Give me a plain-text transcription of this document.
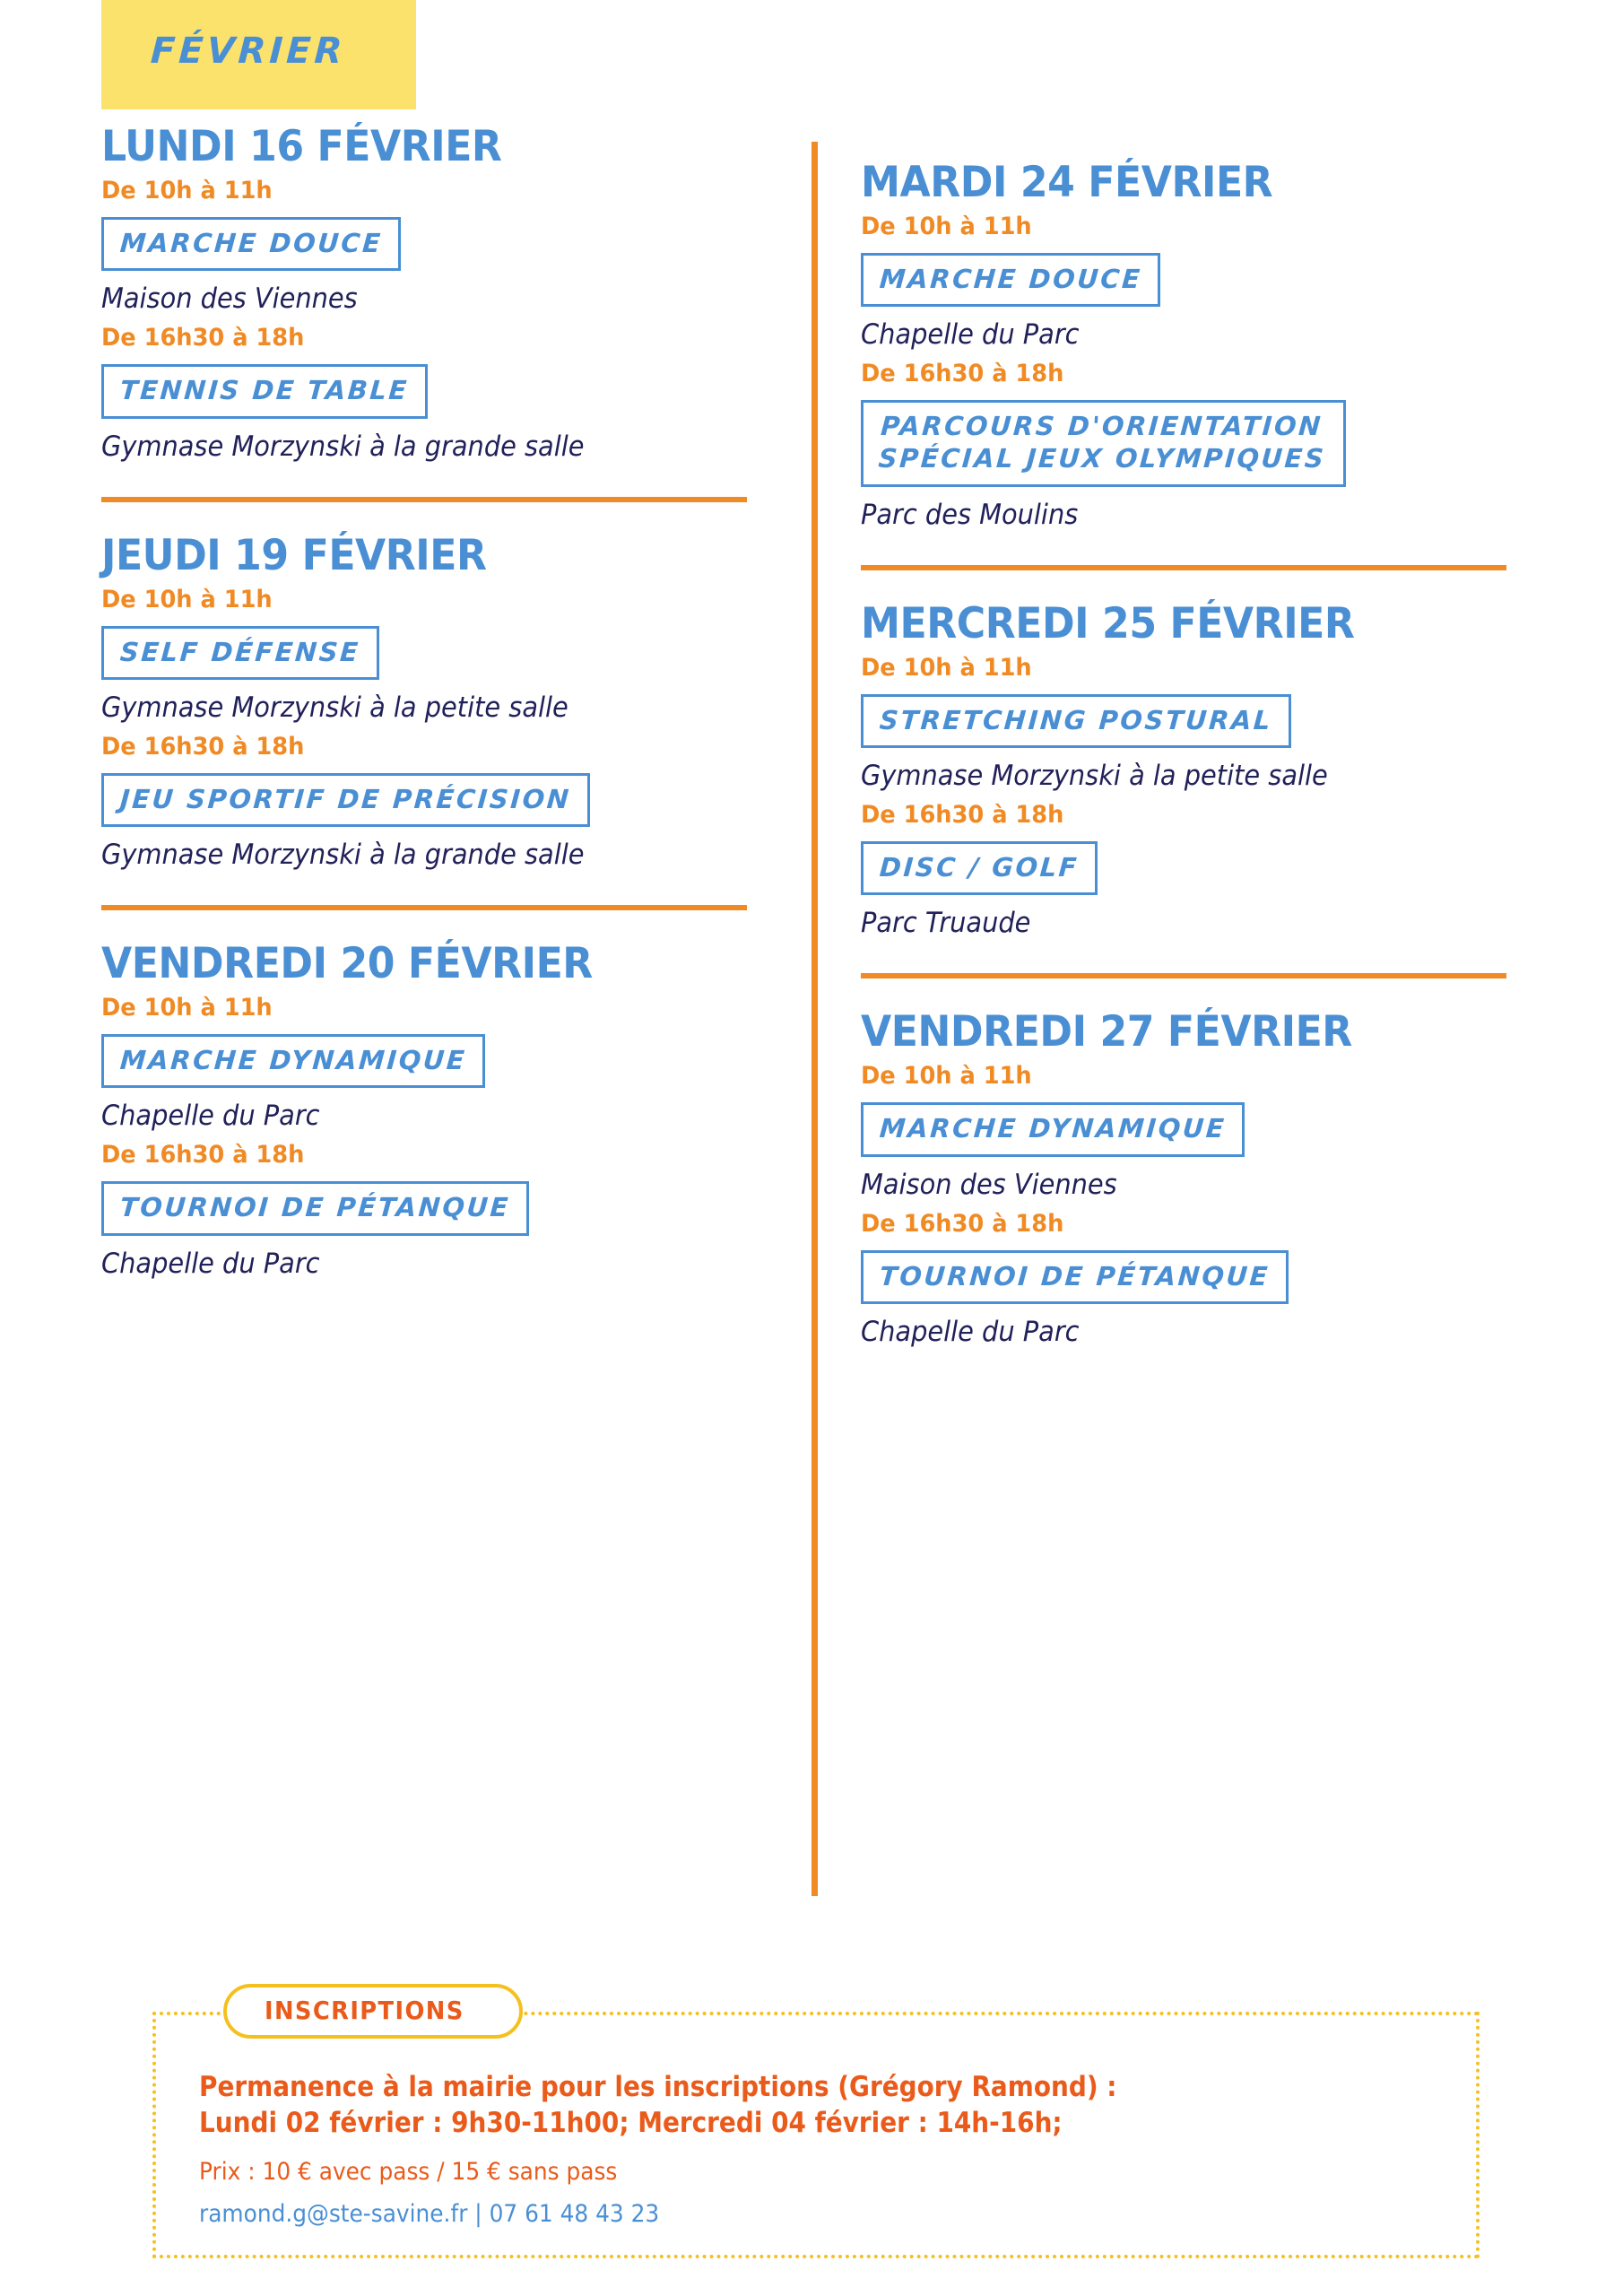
FÉVRIER
LUNDI 16 FÉVRIER
De 10h à 11h
MARCHE DOUCE
Maison des Viennes
De 16h30 à 18h
TENNIS DE TABLE
Gymnase Morzynski à la grande salle
JEUDI 19 FÉVRIER
De 10h à 11h
SELF DÉFENSE
Gymnase Morzynski à la petite salle
De 16h30 à 18h
JEU SPORTIF DE PRÉCISION
Gymnase Morzynski à la grande salle
VENDREDI 20 FÉVRIER
De 10h à 11h
MARCHE DYNAMIQUE
Chapelle du Parc
De 16h30 à 18h
TOURNOI DE PÉTANQUE
Chapelle du Parc
MARDI 24 FÉVRIER
De 10h à 11h
MARCHE DOUCE
Chapelle du Parc
De 16h30 à 18h
PARCOURS D'ORIENTATION
SPÉCIAL JEUX OLYMPIQUES
Parc des Moulins
MERCREDI 25 FÉVRIER
De 10h à 11h
STRETCHING POSTURAL
Gymnase Morzynski à la petite salle
De 16h30 à 18h
DISC / GOLF
Parc Truaude
VENDREDI 27 FÉVRIER
De 10h à 11h
MARCHE DYNAMIQUE
Maison des Viennes
De 16h30 à 18h
TOURNOI DE PÉTANQUE
Chapelle du Parc
INSCRIPTIONS
Permanence à la mairie pour les inscriptions (Grégory Ramond) :
Lundi 02 février : 9h30-11h00; Mercredi 04 février : 14h-16h;
Prix : 10 € avec pass / 15 € sans pass
ramond.g@ste-savine.fr | 07 61 48 43 23
